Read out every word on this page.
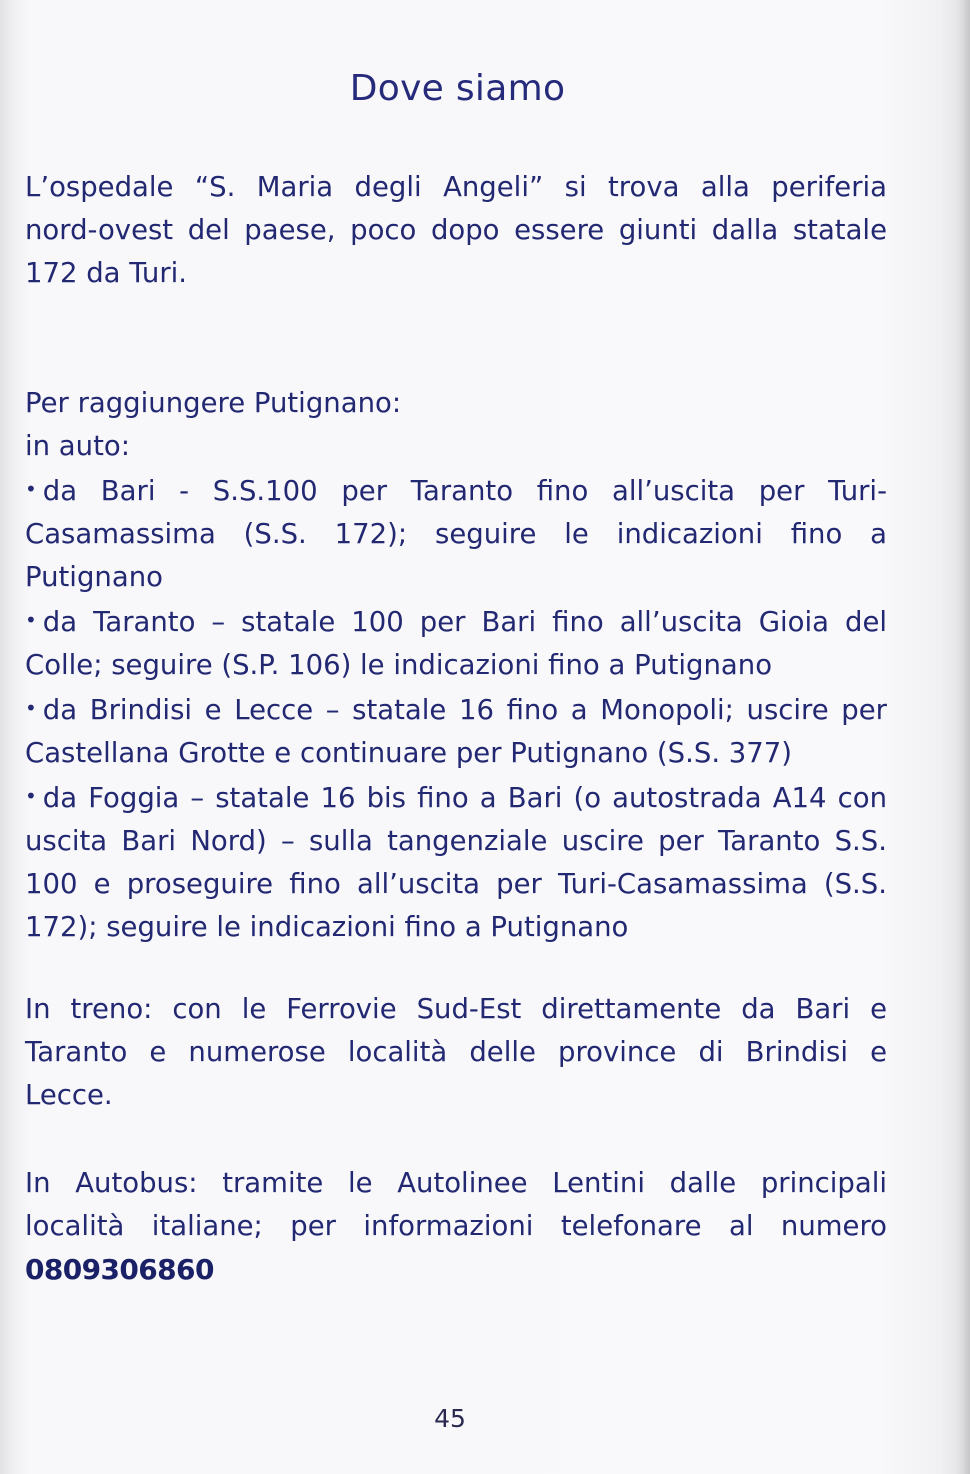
Dove siamo
L’ospedale “S. Maria degli Angeli” si trova alla periferia
nord-ovest del paese, poco dopo essere giunti dalla statale
172 da Turi.
Per raggiungere Putignano:
in auto:
• da Bari - S.S.100 per Taranto fino all’uscita per Turi-
Casamassima (S.S. 172); seguire le indicazioni fino a
Putignano
• da Taranto – statale 100 per Bari fino all’uscita Gioia del
Colle; seguire (S.P. 106) le indicazioni fino a Putignano
• da Brindisi e Lecce – statale 16 fino a Monopoli; uscire per
Castellana Grotte e continuare per Putignano (S.S. 377)
• da Foggia – statale 16 bis fino a Bari (o autostrada A14 con
uscita Bari Nord) – sulla tangenziale uscire per Taranto S.S.
100 e proseguire fino all’uscita per Turi-Casamassima (S.S.
172); seguire le indicazioni fino a Putignano
In treno: con le Ferrovie Sud-Est direttamente da Bari e
Taranto e numerose località delle province di Brindisi e
Lecce.
In Autobus: tramite le Autolinee Lentini dalle principali
località italiane; per informazioni telefonare al numero
0809306860
45
